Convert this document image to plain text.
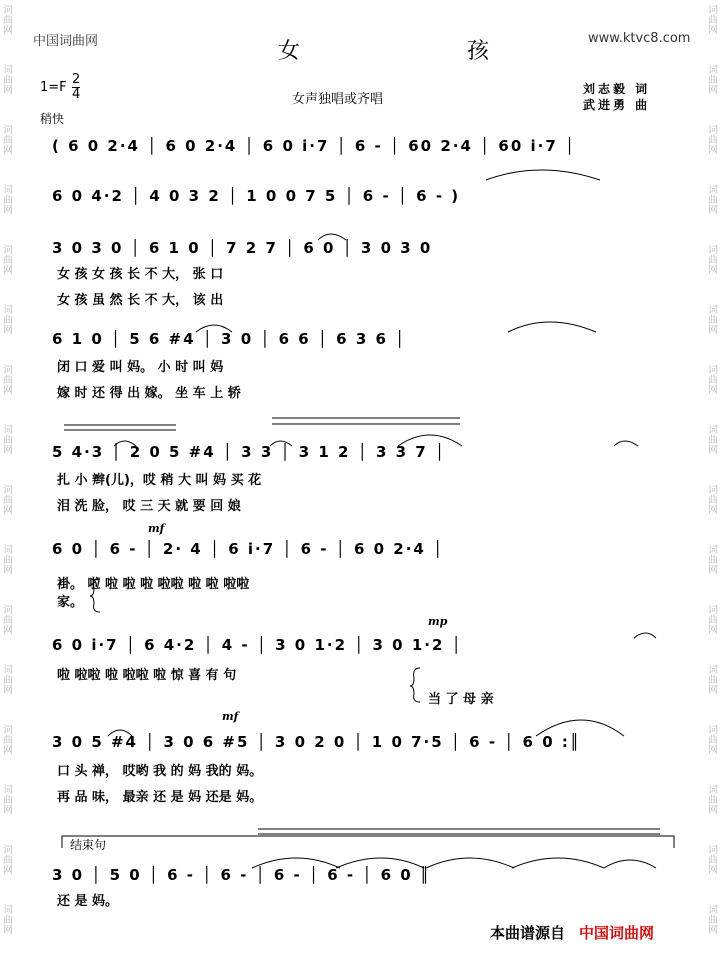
词
曲
网
词
曲
网
词
曲
网
词
曲
网
词
曲
网
词
曲
网
词
曲
网
词
曲
网
词
曲
网
词
曲
网
词
曲
网
词
曲
网
词
曲
网
词
曲
网
词
曲
网
词
曲
网
词
曲
网
词
曲
网
词
曲
网
词
曲
网
词
曲
网
词
曲
网
词
曲
网
词
曲
网
词
曲
网
词
曲
网
词
曲
网
词
曲
网
词
曲
网
词
曲
网
词
曲
网
词
曲
网
中国词曲网	www.ktvc8.com
女 孩
$1=F \frac{2}{4}$
稍快
女声独唱或齐唱
刘志毅 词
武进勇 曲
( 6 0 2·4 │ 6 0 2·4 │ 6 0 i·7 │ 6 - │ 60 2·4 │ 60 i·7 │
6 0 4·2 │ 4 0 3 2 │ 1 0 0 7 5 │ 6 - │ 6 - )
3 0 3 0 │ 6 1 0 │ 7 2 7 │ 6 0 │ 3 0 3 0
女 孩 女 孩 长 不 大， 张 口
女 孩 虽 然 长 不 大， 该 出
6 1 0 │ 5 6 #4 │ 3 0 │ 6 6 │ 6 3 6 │
闭 口 爱 叫 妈。 小 时 叫 妈
嫁 时 还 得 出 嫁。 坐 车 上 轿
5 4·3 │ 2 0 5 #4 │ 3 3 │ 3 1 2 │ 3 3 7 │
扎 小 辫(儿)，哎 稍 大 叫 妈 买 花
泪 洗 脸， 哎 三 天 就 要 回 娘
mf
6 0 │ 6 - │ 2· 4 │ 6 i·7 │ 6 - │ 6 0 2·4 │
褂。 啦 啦 啦 啦 啦啦 啦 啦 啦啦
家。
mp
6 0 i·7 │ 6 4·2 │ 4 - │ 3 0 1·2 │ 3 0 1·2 │
啦 啦啦 啦 啦啦 啦 惊 喜 有 句
当 了 母 亲
mf
3 0 5 #4 │ 3 0 6 #5 │ 3 0 2 0 │ 1 0 7·5 │ 6 - │ 6 0 :║
口 头 禅， 哎哟 我 的 妈 我的 妈。
再 品 味， 最亲 还 是 妈 还是 妈。
结束句
3 0 │ 5 0 │ 6 - │ 6 - │ 6 - │ 6 - │ 6 0 ║
还 是 妈。
本曲谱源自 中国词曲网
